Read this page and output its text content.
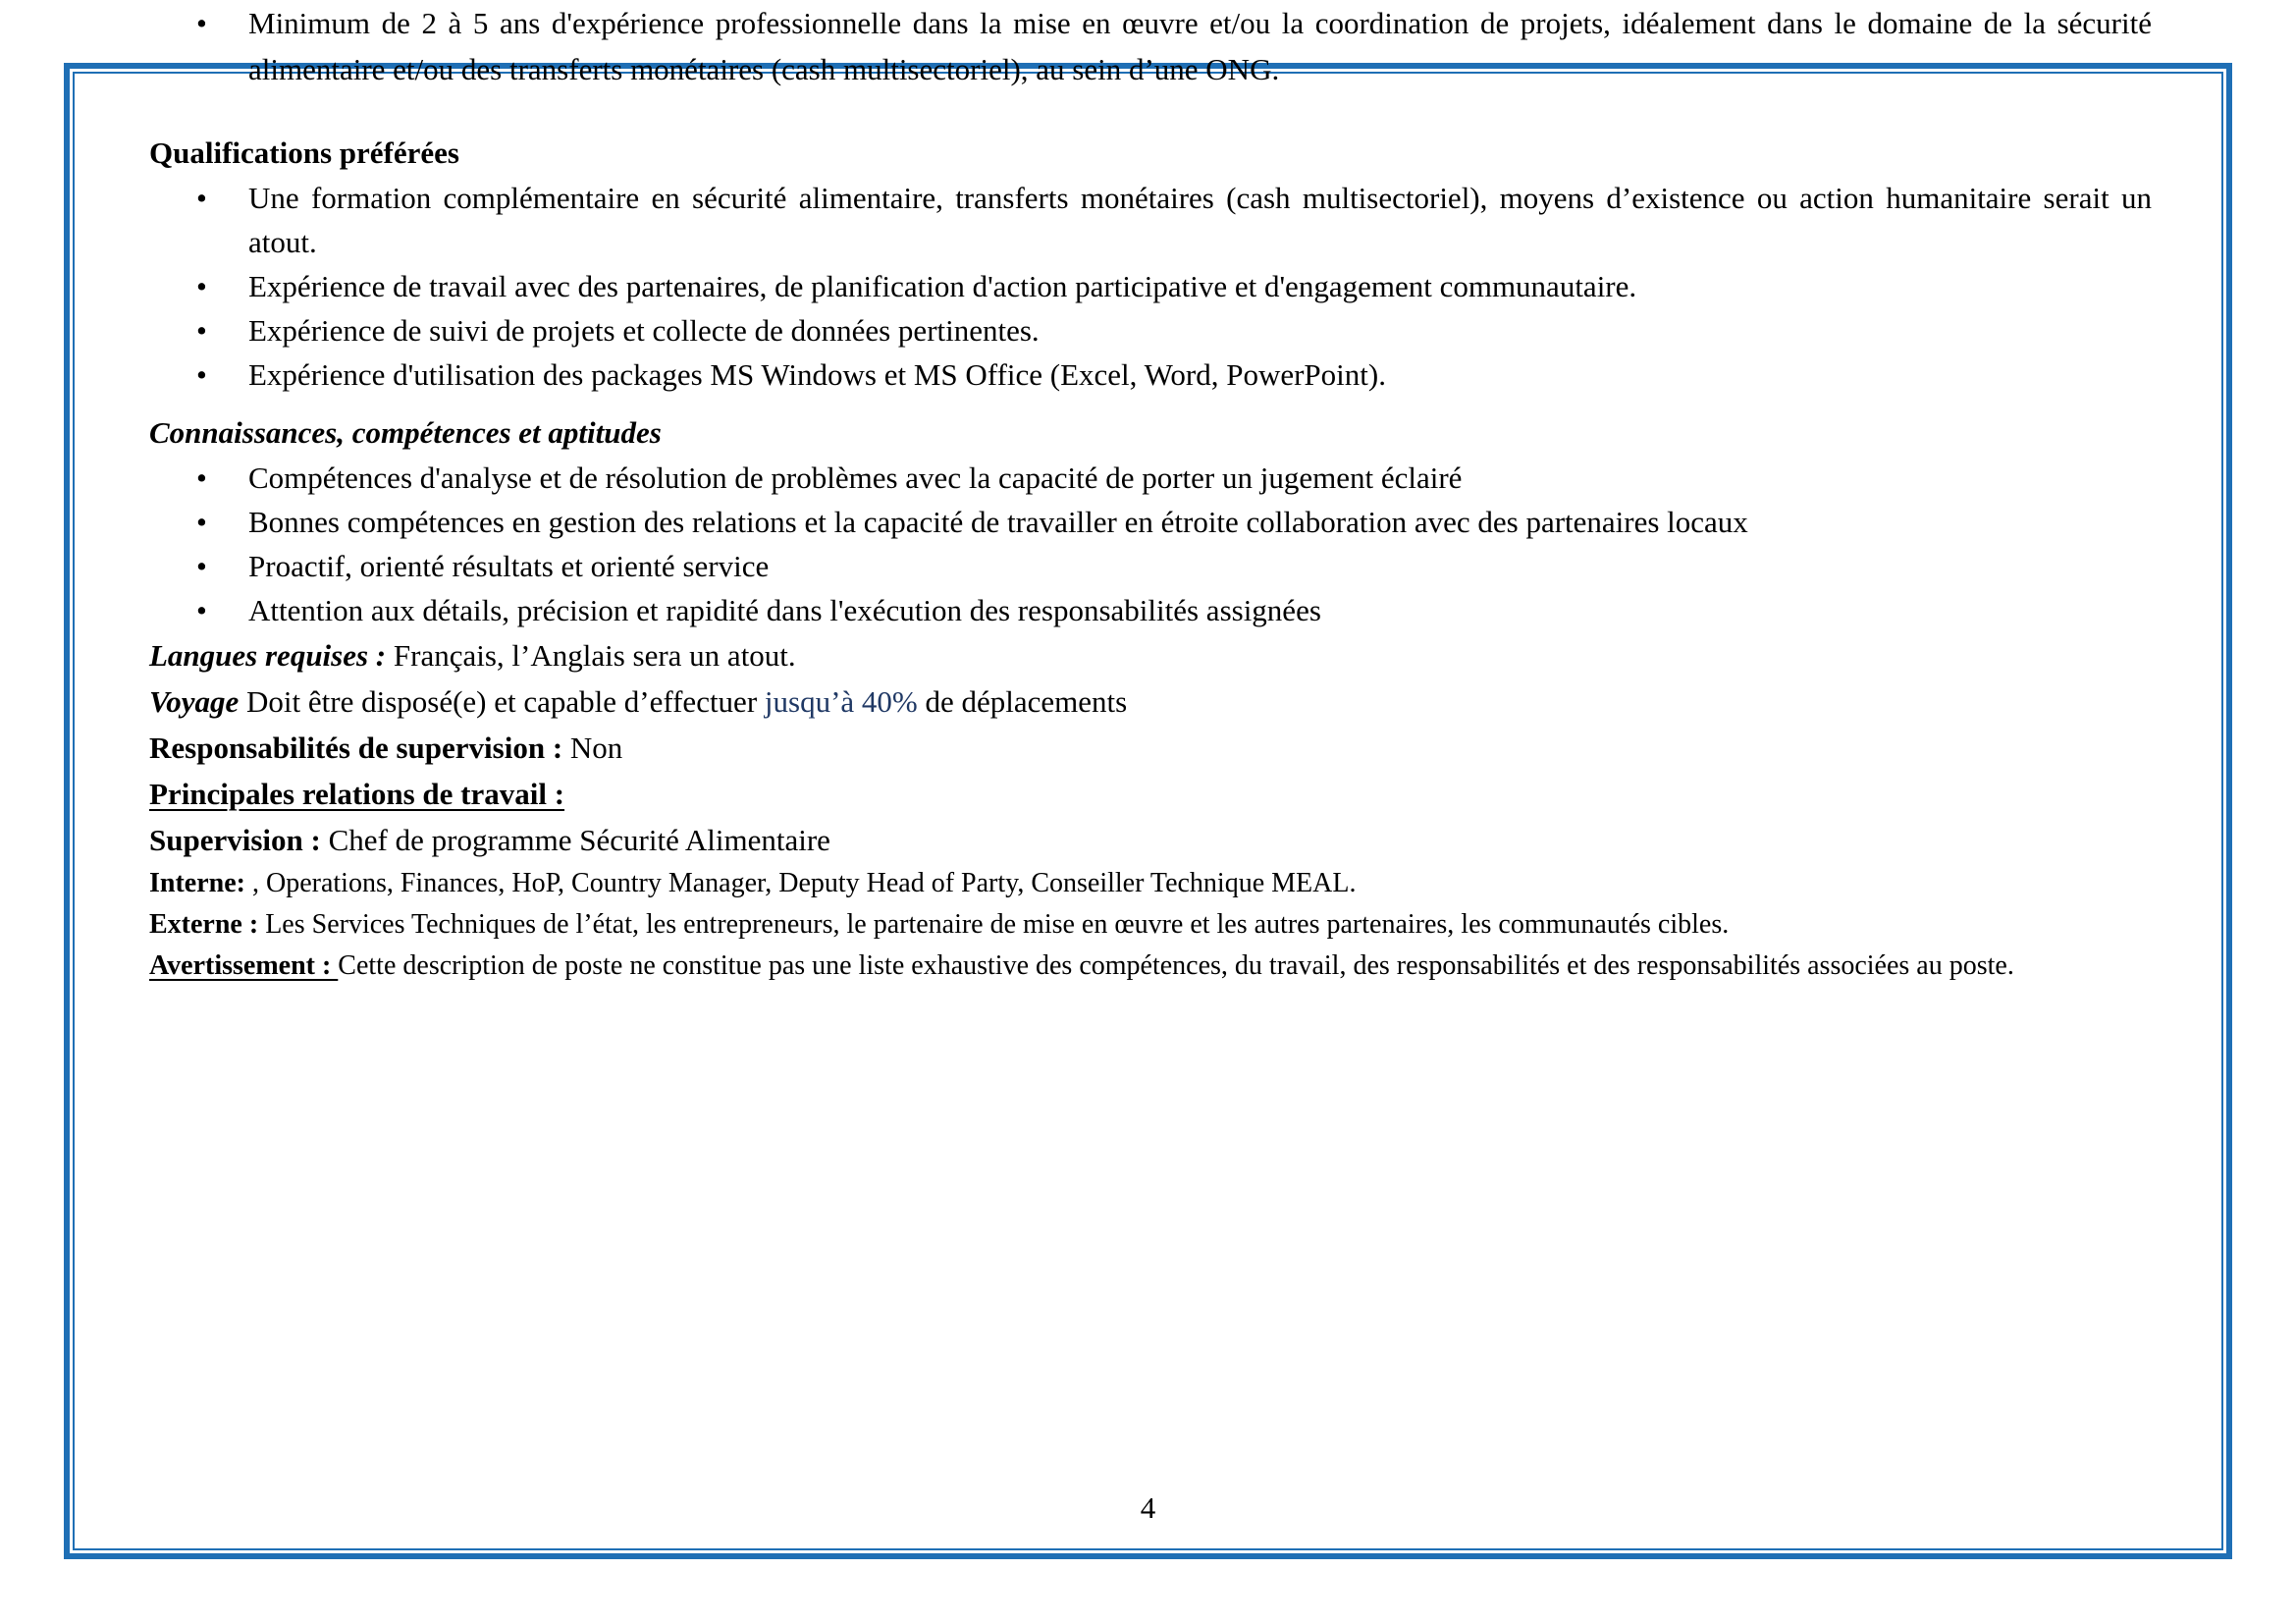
• Minimum de 2 à 5 ans d'expérience professionnelle dans la mise en œuvre et/ou la coordination de projets, idéalement dans le domaine de la sécurité alimentaire et/ou des transferts monétaires (cash multisectoriel), au sein d’une ONG.
Qualifications préférées
• Une formation complémentaire en sécurité alimentaire, transferts monétaires (cash multisectoriel), moyens d’existence ou action humanitaire serait un atout.
• Expérience de travail avec des partenaires, de planification d'action participative et d'engagement communautaire.
• Expérience de suivi de projets et collecte de données pertinentes.
• Expérience d'utilisation des packages MS Windows et MS Office (Excel, Word, PowerPoint).
Connaissances, compétences et aptitudes
• Compétences d'analyse et de résolution de problèmes avec la capacité de porter un jugement éclairé
• Bonnes compétences en gestion des relations et la capacité de travailler en étroite collaboration avec des partenaires locaux
• Proactif, orienté résultats et orienté service
• Attention aux détails, précision et rapidité dans l'exécution des responsabilités assignées

Langues requises : Français, l’Anglais sera un atout.

Voyage Doit être disposé(e) et capable d’effectuer jusqu’à 40% de déplacements

Responsabilités de supervision : Non

Principales relations de travail :

Supervision : Chef de programme Sécurité Alimentaire

Interne: , Operations, Finances, HoP, Country Manager, Deputy Head of Party, Conseiller Technique MEAL.

Externe : Les Services Techniques de l’état, les entrepreneurs, le partenaire de mise en œuvre et les autres partenaires, les communautés cibles.

Avertissement : Cette description de poste ne constitue pas une liste exhaustive des compétences, du travail, des responsabilités et des responsabilités associées au poste.

4
